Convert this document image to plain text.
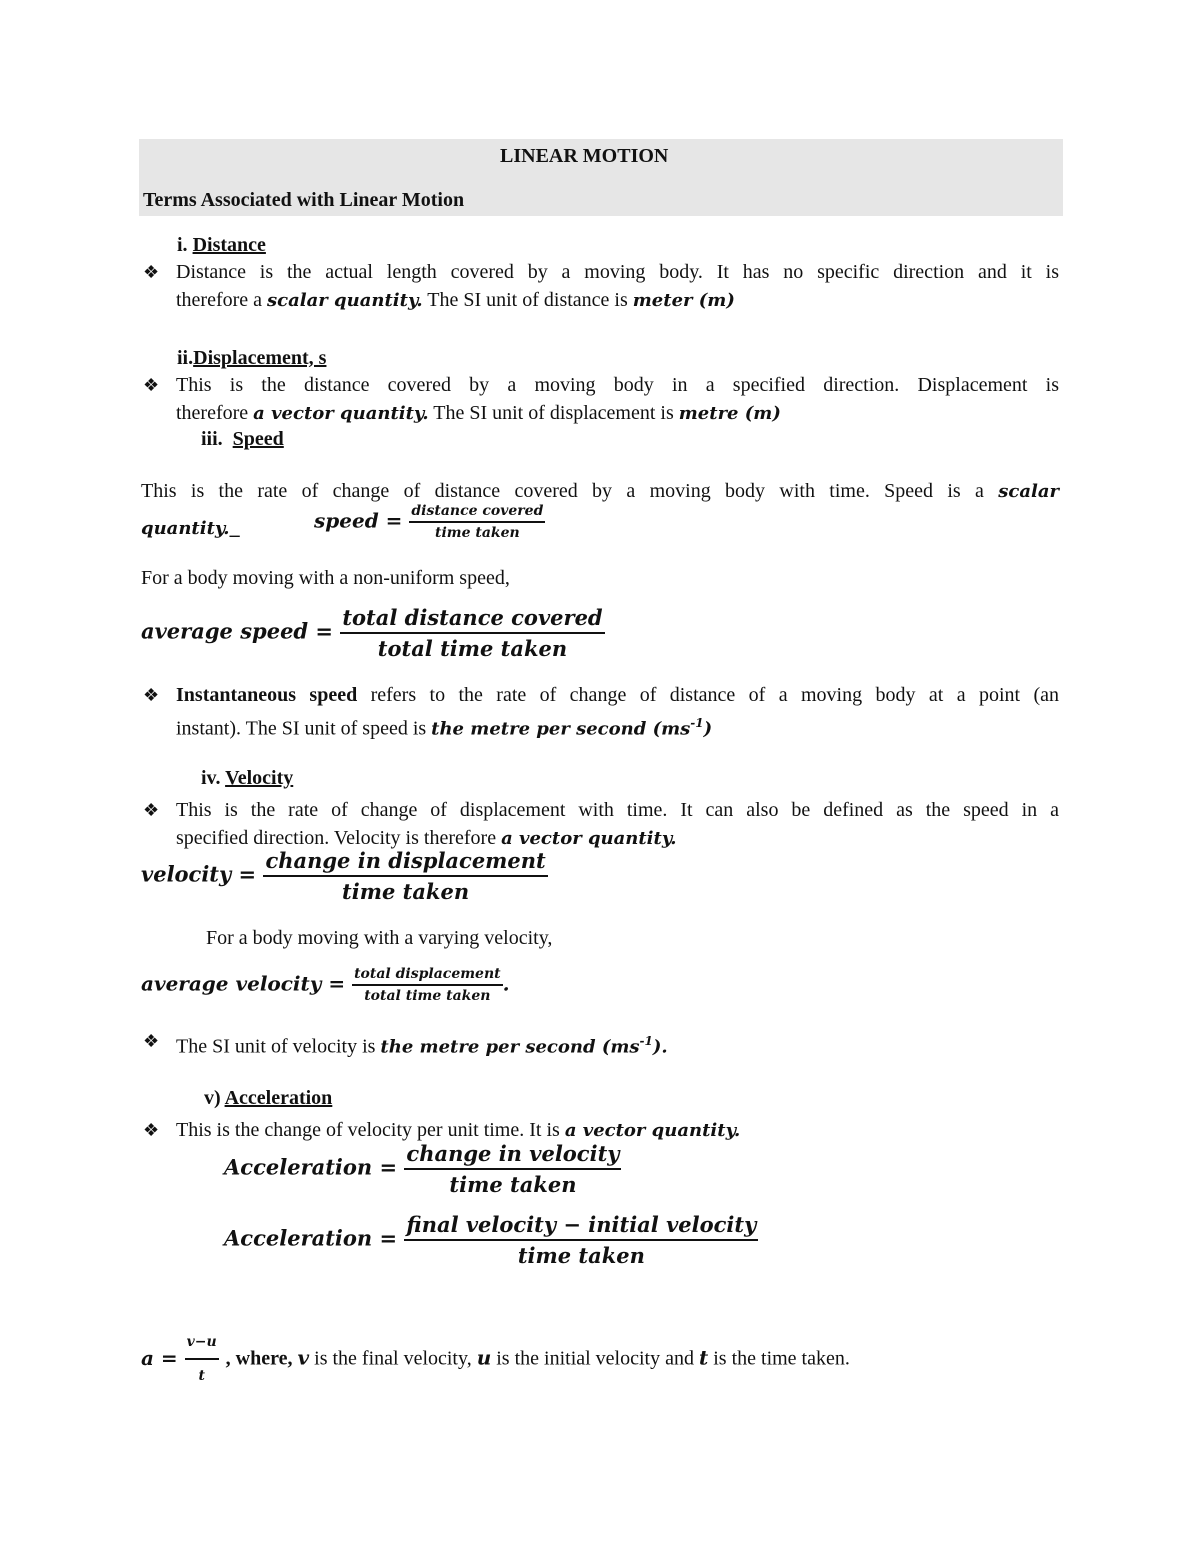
LINEAR MOTION
Terms Associated with Linear Motion
i. Distance
❖ Distance is the actual length covered by a moving body. It has no specific direction and it is
therefore a scalar quantity. The SI unit of distance is meter (m)
ii.Displacement, s
❖ This is the distance covered by a moving body in a specified direction. Displacement is
therefore a vector quantity. The SI unit of displacement is metre (m)
iii. Speed
This is the rate of change of distance covered by a moving body with time. Speed is a scalar
quantity._	speed = $\frac{\text{distance covered}}{\text{time taken}}$
For a body moving with a non-uniform speed,
average speed = $\frac{\text{total distance covered}}{\text{total time taken}}$
❖ Instantaneous speed refers to the rate of change of distance of a moving body at a point (an
instant). The SI unit of speed is the metre per second $(ms^{-1})$
iv. Velocity
❖ This is the rate of change of displacement with time. It can also be defined as the speed in a
specified direction. Velocity is therefore a vector quantity.
velocity = $\frac{\text{change in displacement}}{\text{time taken}}$
For a body moving with a varying velocity,
average velocity = $\frac{\text{total displacement}}{\text{total time taken}}$ .
❖ The SI unit of velocity is the metre per second $(ms^{-1})$.
v) Acceleration
❖ This is the change of velocity per unit time. It is a vector quantity.
Acceleration = $\frac{\text{change in velocity}}{\text{time taken}}$
Acceleration = $\frac{\text{final velocity − initial velocity}}{\text{time taken}}$
$a = \frac{v-u}{t}$ , where, v is the final velocity, u is the initial velocity and t is the time taken.
